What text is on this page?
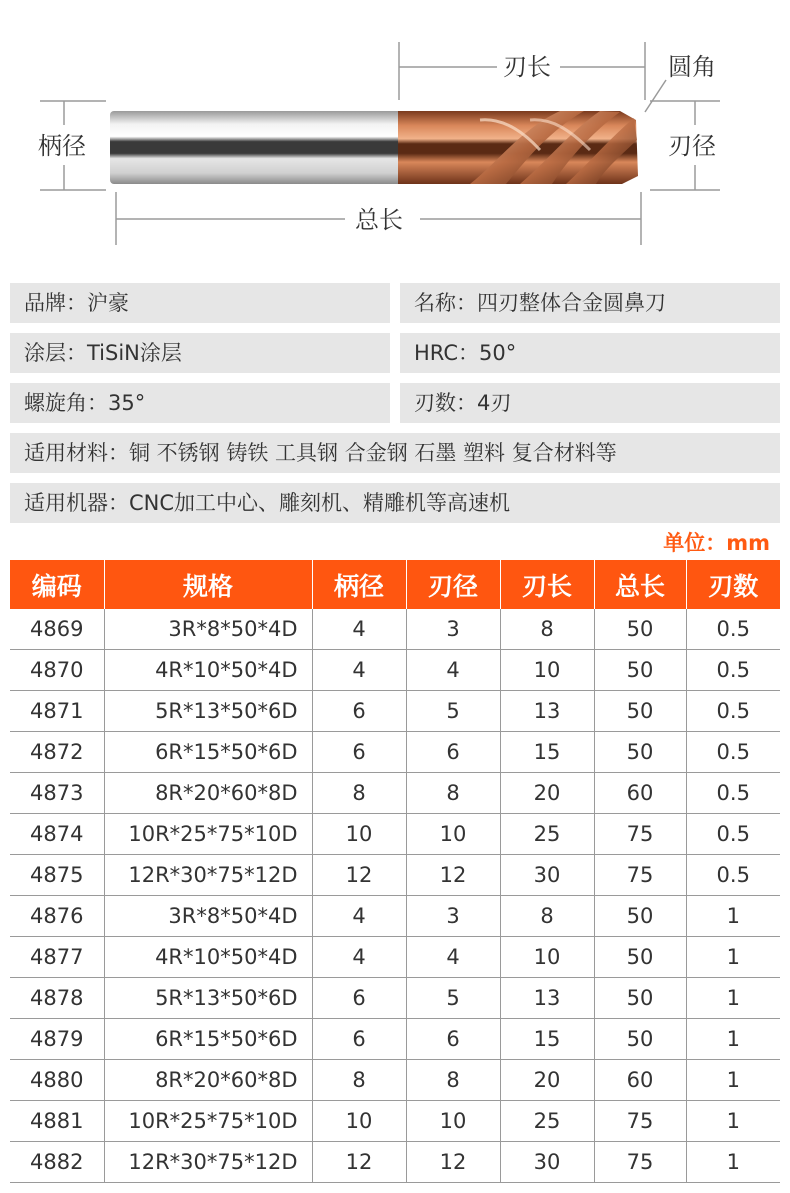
刃长	圆角
柄径	刃径
总长
品牌：沪豪	名称：四刃整体合金圆鼻刀
涂层：TiSiN涂层	HRC：50°
螺旋角：35°	刃数：4刃
适用材料：铜 不锈钢 铸铁 工具钢 合金钢 石墨 塑料 复合材料等
适用机器：CNC加工中心、雕刻机、精雕机等高速机
单位：mm
编码	规格	柄径	刃径	刃长	总长	刃数
4869	3R*8*50*4D	4	3	8	50	0.5
4870	4R*10*50*4D	4	4	10	50	0.5
4871	5R*13*50*6D	6	5	13	50	0.5
4872	6R*15*50*6D	6	6	15	50	0.5
4873	8R*20*60*8D	8	8	20	60	0.5
4874	10R*25*75*10D	10	10	25	75	0.5
4875	12R*30*75*12D	12	12	30	75	0.5
4876	3R*8*50*4D	4	3	8	50	1
4877	4R*10*50*4D	4	4	10	50	1
4878	5R*13*50*6D	6	5	13	50	1
4879	6R*15*50*6D	6	6	15	50	1
4880	8R*20*60*8D	8	8	20	60	1
4881	10R*25*75*10D	10	10	25	75	1
4882	12R*30*75*12D	12	12	30	75	1
